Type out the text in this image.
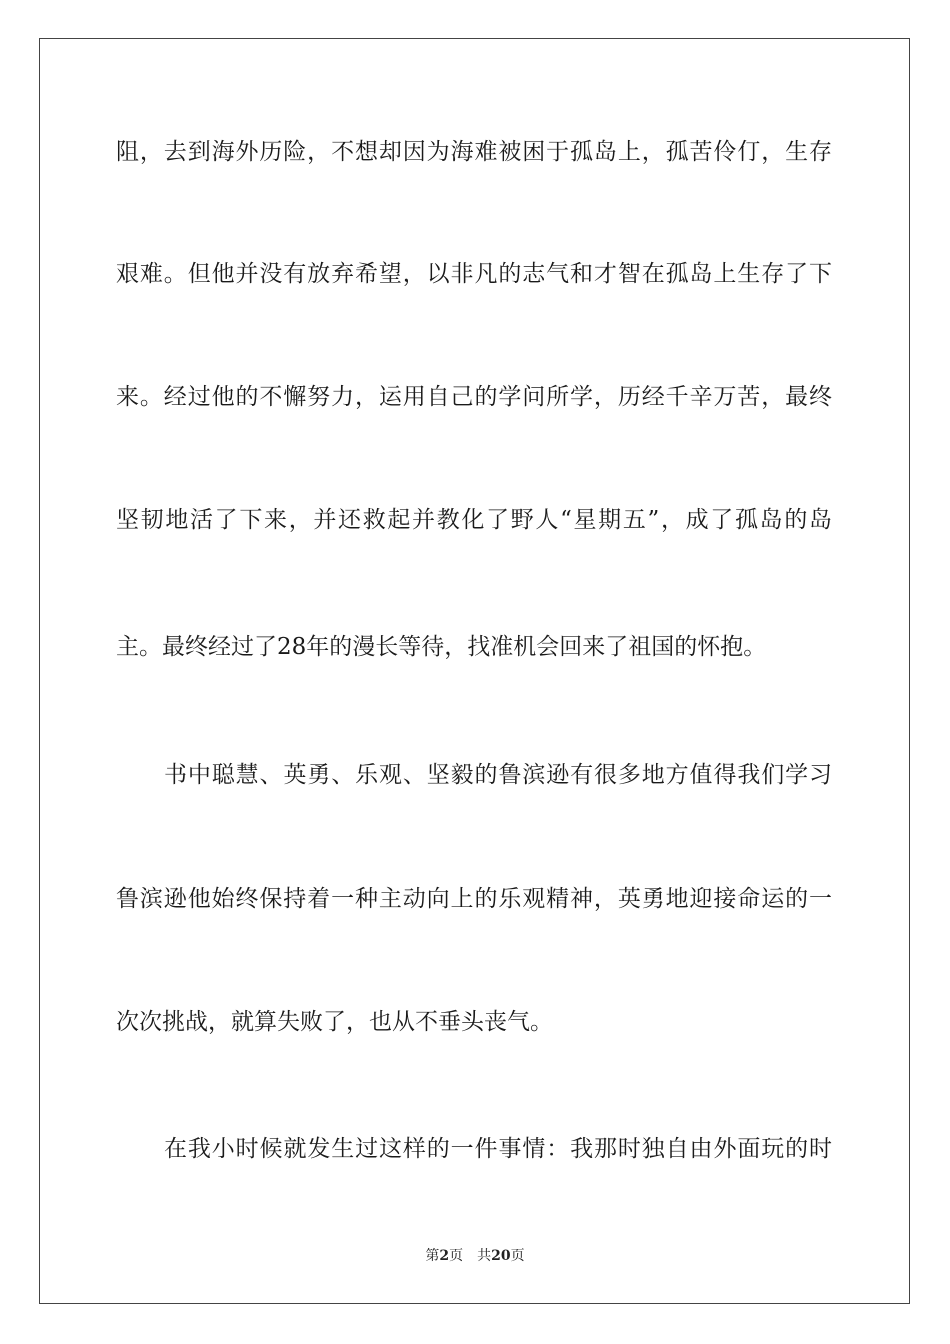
阻，去到海外历险，不想却因为海难被困于孤岛上，孤苦伶仃，生存
艰难。但他并没有放弃希望，以非凡的志气和才智在孤岛上生存了下
来。经过他的不懈努力，运用自己的学问所学，历经千辛万苦，最终
坚韧地活了下来，并还救起并教化了野人“星期五”，成了孤岛的岛
主。最终经过了28年的漫长等待，找准机会回来了祖国的怀抱。
书中聪慧、英勇、乐观、坚毅的鲁滨逊有很多地方值得我们学习
鲁滨逊他始终保持着一种主动向上的乐观精神，英勇地迎接命运的一
次次挑战，就算失败了，也从不垂头丧气。
在我小时候就发生过这样的一件事情：我那时独自由外面玩的时
第2页 共20页
